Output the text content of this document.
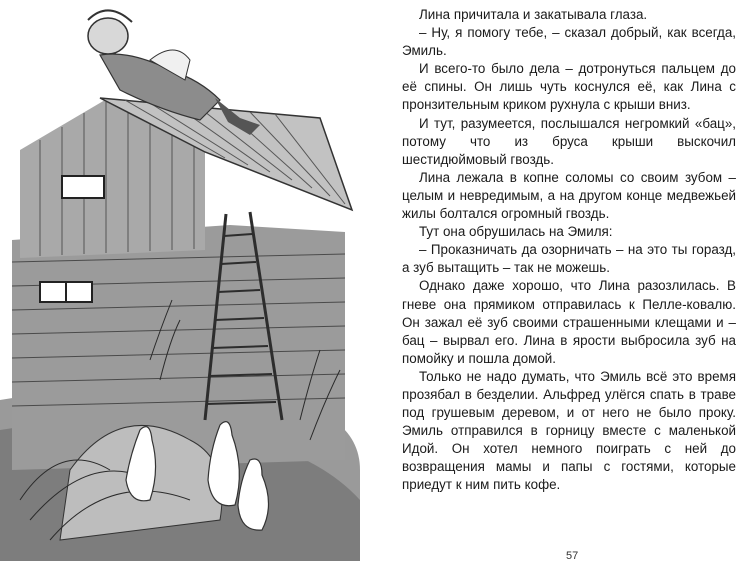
Лина причитала и закатывала глаза.

– Ну, я помогу тебе, – сказал добрый, как всегда, Эмиль.

И всего-то было дела – дотронуться пальцем до её спины. Он лишь чуть коснулся её, как Лина с пронзительным криком рухнула с крыши вниз.

И тут, разумеется, послышался негромкий «бац», потому что из бруса крыши выскочил шестидюймовый гвоздь.

Лина лежала в копне соломы со своим зубом – целым и невредимым, а на другом конце медвежьей жилы болтался огромный гвоздь.

Тут она обрушилась на Эмиля:

– Проказничать да озорничать – на это ты горазд, а зуб вытащить – так не можешь.

Однако даже хорошо, что Лина разозлилась. В гневе она прямиком отправилась к Пелле-ковалю. Он зажал её зуб своими страшенными клещами и – бац – вырвал его. Лина в ярости выбросила зуб на помойку и пошла домой.

Только не надо думать, что Эмиль всё это время прозябал в безделии. Альфред улёгся спать в траве под грушевым деревом, и от него не было проку. Эмиль отправился в горницу вместе с маленькой Идой. Он хотел немного поиграть с ней до возвращения мамы и папы с гостями, которые приедут к ним пить кофе.

57
